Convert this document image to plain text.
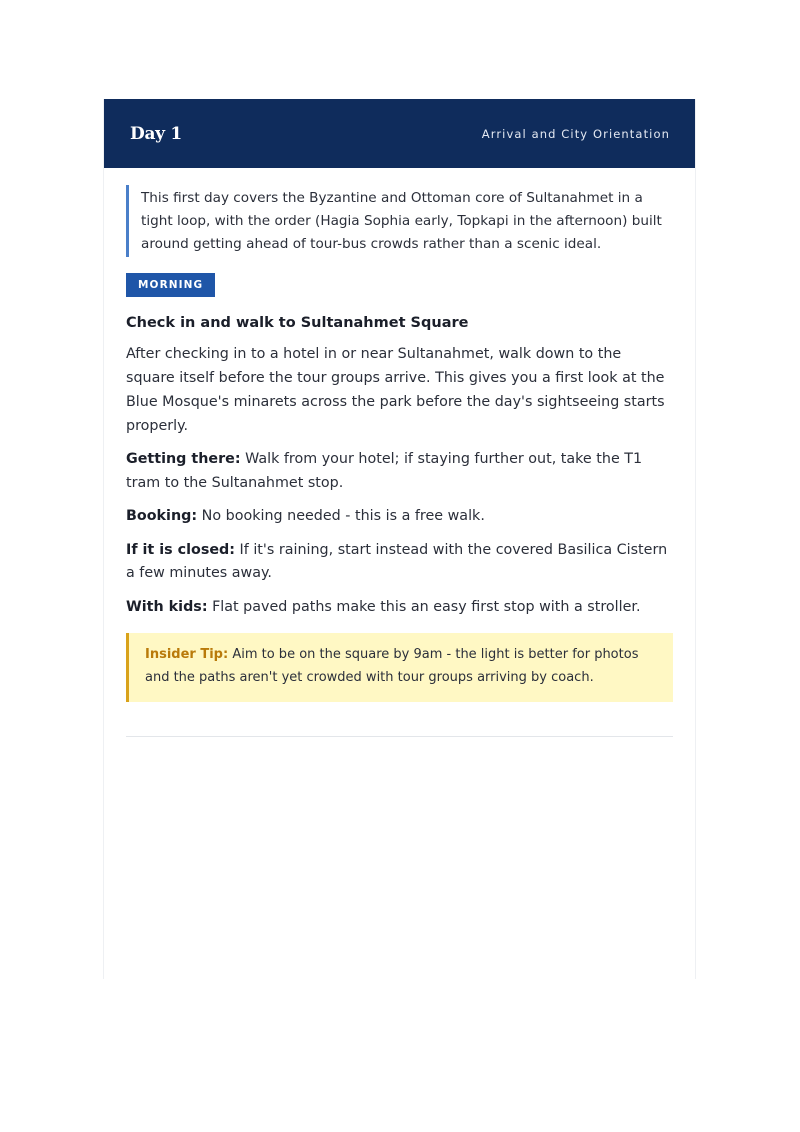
Day 1	Arrival and City Orientation
This first day covers the Byzantine and Ottoman core of Sultanahmet in a tight loop, with the order (Hagia Sophia early, Topkapi in the afternoon) built around getting ahead of tour-bus crowds rather than a scenic ideal.
MORNING
Check in and walk to Sultanahmet Square
After checking in to a hotel in or near Sultanahmet, walk down to the square itself before the tour groups arrive. This gives you a first look at the Blue Mosque's minarets across the park before the day's sightseeing starts properly.
Getting there: Walk from your hotel; if staying further out, take the T1 tram to the Sultanahmet stop.
Booking: No booking needed - this is a free walk.
If it is closed: If it's raining, start instead with the covered Basilica Cistern a few minutes away.
With kids: Flat paved paths make this an easy first stop with a stroller.
Insider Tip: Aim to be on the square by 9am - the light is better for photos and the paths aren't yet crowded with tour groups arriving by coach.
